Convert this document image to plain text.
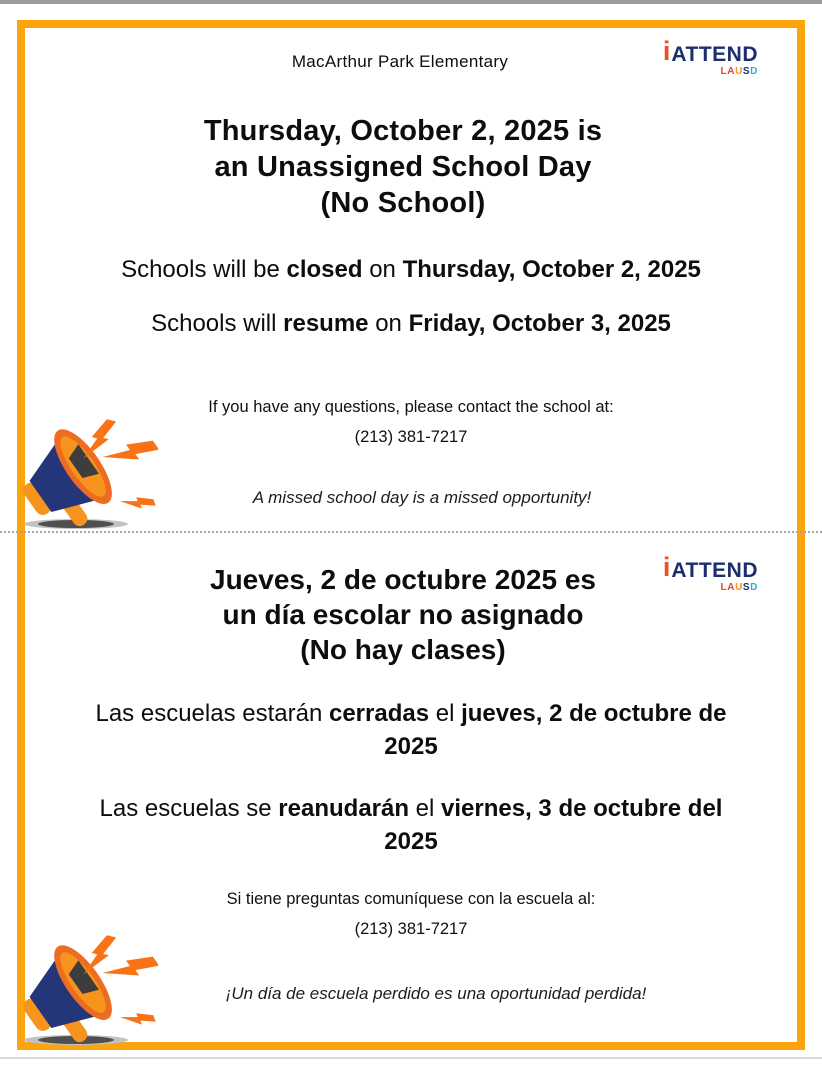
MacArthur Park Elementary	i ATTEND
LAUSD
Thursday, October 2, 2025 is
an Unassigned School Day
(No School)

Schools will be closed on Thursday, October 2, 2025

Schools will resume on Friday, October 3, 2025

If you have any questions, please contact the school at:
(213) 381-7217

A missed school day is a missed opportunity!

i ATTEND
LAUSD
Jueves, 2 de octubre 2025 es
un día escolar no asignado
(No hay clases)

Las escuelas estarán cerradas el jueves, 2 de octubre de 2025

Las escuelas se reanudarán el viernes, 3 de octubre del 2025

Si tiene preguntas comuníquese con la escuela al:
(213) 381-7217

¡Un día de escuela perdido es una oportunidad perdida!
